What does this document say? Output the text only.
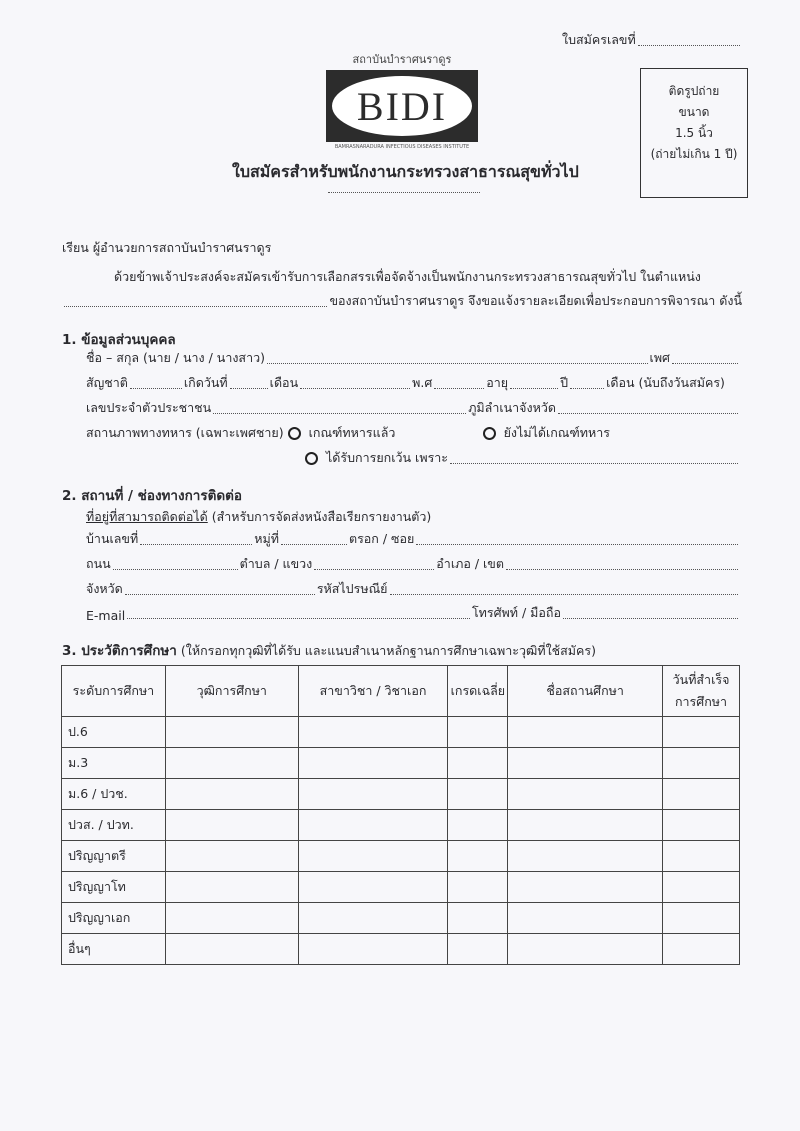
ใบสมัครเลขที่
สถาบันบำราศนราดูร
BIDI
BAMRASNARADURA INFECTIOUS DISEASES INSTITUTE
ติดรูปถ่าย
ขนาด
1.5 นิ้ว
(ถ่ายไม่เกิน 1 ปี)
ใบสมัครสำหรับพนักงานกระทรวงสาธารณสุขทั่วไป
เรียน ผู้อำนวยการสถาบันบำราศนราดูร
ด้วยข้าพเจ้าประสงค์จะสมัครเข้ารับการเลือกสรรเพื่อจัดจ้างเป็นพนักงานกระทรวงสาธารณสุขทั่วไป ในตำแหน่ง
ของสถาบันบำราศนราดูร จึงขอแจ้งรายละเอียดเพื่อประกอบการพิจารณา ดังนี้
1. ข้อมูลส่วนบุคคล
ชื่อ – สกุล (นาย / นาง / นางสาว)	เพศ
สัญชาติ	เกิดวันที่	เดือน	พ.ศ	อายุ	ปี	เดือน (นับถึงวันสมัคร)
เลขประจำตัวประชาชน	ภูมิลำเนาจังหวัด
สถานภาพทางทหาร (เฉพาะเพศชาย) เกณฑ์ทหารแล้ว	ยังไม่ได้เกณฑ์ทหาร
ได้รับการยกเว้น เพราะ
2. สถานที่ / ช่องทางการติดต่อ
ที่อยู่ที่สามารถติดต่อได้ (สำหรับการจัดส่งหนังสือเรียกรายงานตัว)
บ้านเลขที่	หมู่ที่	ตรอก / ซอย
ถนน	ตำบล / แขวง	อำเภอ / เขต
จังหวัด	รหัสไปรษณีย์
E-mail	โทรศัพท์ / มือถือ
3. ประวัติการศึกษา (ให้กรอกทุกวุฒิที่ได้รับ และแนบสำเนาหลักฐานการศึกษาเฉพาะวุฒิที่ใช้สมัคร)
ระดับการศึกษา	วุฒิการศึกษา	สาขาวิชา / วิชาเอก	เกรดเฉลี่ย	ชื่อสถานศึกษา	วันที่สำเร็จการศึกษา
ป.6					
ม.3					
ม.6 / ปวช.					
ปวส. / ปวท.					
ปริญญาตรี					
ปริญญาโท					
ปริญญาเอก					
อื่นๆ					
